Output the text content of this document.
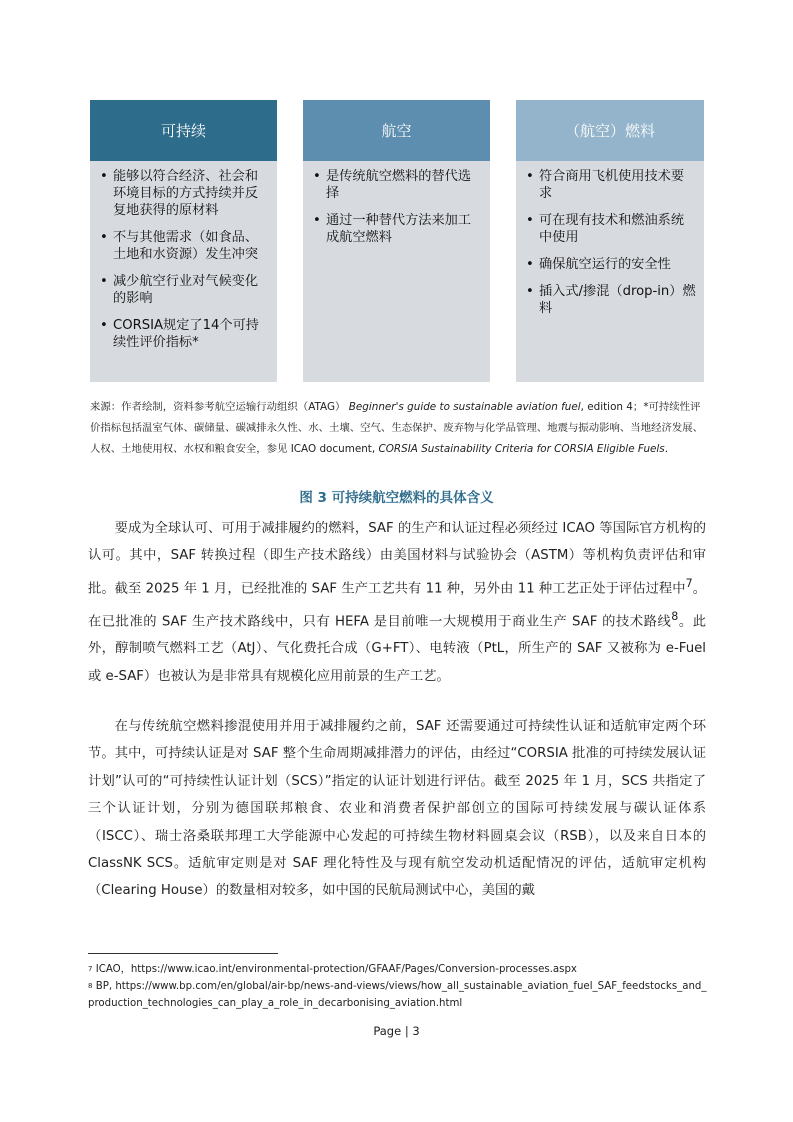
可持续
• 能够以符合经济、社会和环境目标的方式持续并反复地获得的原材料
• 不与其他需求（如食品、土地和水资源）发生冲突
• 减少航空行业对气候变化的影响
• CORSIA规定了14个可持续性评价指标*
航空
• 是传统航空燃料的替代选择
• 通过一种替代方法来加工成航空燃料
（航空）燃料
• 符合商用飞机使用技术要求
• 可在现有技术和燃油系统中使用
• 确保航空运行的安全性
• 插入式/掺混（drop-in）燃料
来源：作者绘制，资料参考航空运输行动组织（ATAG） Beginner's guide to sustainable aviation fuel, edition 4；*可持续性评价指标包括温室气体、碳储量、碳减排永久性、水、土壤、空气、生态保护、废弃物与化学品管理、地震与振动影响、当地经济发展、人权、土地使用权、水权和粮食安全，参见 ICAO document, CORSIA Sustainability Criteria for CORSIA Eligible Fuels.
图 3 可持续航空燃料的具体含义

要成为全球认可、可用于减排履约的燃料，SAF 的生产和认证过程必须经过 ICAO 等国际官方机构的认可。其中，SAF 转换过程（即生产技术路线）由美国材料与试验协会（ASTM）等机构负责评估和审批。截至 2025 年 1 月，已经批准的 SAF 生产工艺共有 11 种，另外由 11 种工艺正处于评估过程中$^7$。在已批准的 SAF 生产技术路线中，只有 HEFA 是目前唯一大规模用于商业生产 SAF 的技术路线$^8$。此外，醇制喷气燃料工艺（AtJ）、气化费托合成（G+FT）、电转液（PtL，所生产的 SAF 又被称为 e-Fuel 或 e-SAF）也被认为是非常具有规模化应用前景的生产工艺。

在与传统航空燃料掺混使用并用于减排履约之前，SAF 还需要通过可持续性认证和适航审定两个环节。其中，可持续认证是对 SAF 整个生命周期减排潜力的评估，由经过“CORSIA 批准的可持续发展认证计划”认可的“可持续性认证计划（SCS）”指定的认证计划进行评估。截至 2025 年 1 月，SCS 共指定了三个认证计划，分别为德国联邦粮食、农业和消费者保护部创立的国际可持续发展与碳认证体系（ISCC）、瑞士洛桑联邦理工大学能源中心发起的可持续生物材料圆桌会议（RSB），以及来自日本的 ClassNK SCS。适航审定则是对 SAF 理化特性及与现有航空发动机适配情况的评估，适航审定机构（Clearing House）的数量相对较多，如中国的民航局测试中心，美国的戴

$^7$ ICAO，https://www.icao.int/environmental-protection/GFAAF/Pages/Conversion-processes.aspx
$^8$ BP, https://www.bp.com/en/global/air-bp/news-and-views/views/how_all_sustainable_aviation_fuel_SAF_feedstocks_and_production_technologies_can_play_a_role_in_decarbonising_aviation.html
Page | 3
